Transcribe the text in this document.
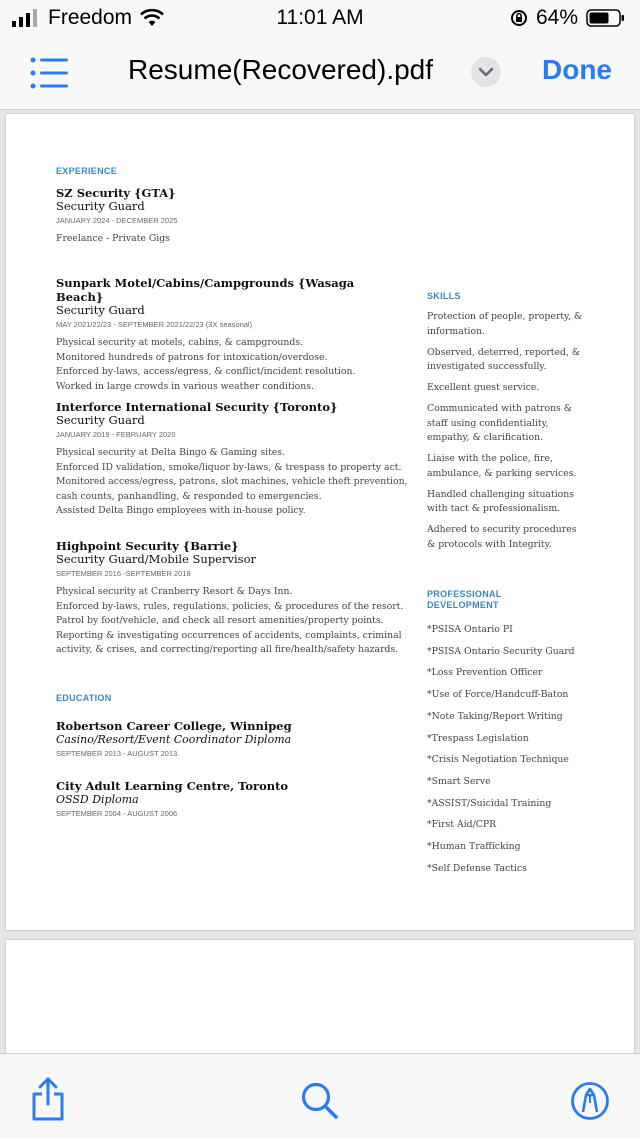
Freedom	11:01 AM	64%
Resume(Recovered).pdf	Done
EXPERIENCE
SZ Security {GTA}
Security Guard
JANUARY 2024 - DECEMBER 2025
Freelance - Private Gigs
Sunpark Motel/Cabins/Campgrounds {Wasaga Beach}
Security Guard
MAY 2021/22/23 - SEPTEMBER 2021/22/23 (3X seasonal)
Physical security at motels, cabins, & campgrounds.
Monitored hundreds of patrons for intoxication/overdose.
Enforced by-laws, access/egress, & conflict/incident resolution.
Worked in large crowds in various weather conditions.
Interforce International Security {Toronto}
Security Guard
JANUARY 2019 - FEBRUARY 2020
Physical security at Delta Bingo & Gaming sites.
Enforced ID validation, smoke/liquor by-laws, & trespass to property act.
Monitored access/egress, patrons, slot machines, vehicle theft prevention,
cash counts, panhandling, & responded to emergencies.
Assisted Delta Bingo employees with in-house policy.
Highpoint Security {Barrie}
Security Guard/Mobile Supervisor
SEPTEMBER 2016 -SEPTEMBER 2018
Physical security at Cranberry Resort & Days Inn.
Enforced by-laws, rules, regulations, policies, & procedures of the resort.
Patrol by foot/vehicle, and check all resort amenities/property points.
Reporting & investigating occurrences of accidents, complaints, criminal
activity, & crises, and correcting/reporting all fire/health/safety hazards.
EDUCATION
Robertson Career College, Winnipeg
Casino/Resort/Event Coordinator Diploma
SEPTEMBER 2013 - AUGUST 2013.
City Adult Learning Centre, Toronto
OSSD Diploma
SEPTEMBER 2004 - AUGUST 2006
SKILLS
Protection of people, property, & information.
Observed, deterred, reported, & investigated successfully.
Excellent guest service.
Communicated with patrons & staff using confidentiality, empathy, & clarification.
Liaise with the police, fire, ambulance, & parking services.
Handled challenging situations with tact & professionalism.
Adhered to security procedures & protocols with Integrity.
PROFESSIONAL
DEVELOPMENT
*PSISA Ontario PI
*PSISA Ontario Security Guard
*Loss Prevention Officer
*Use of Force/Handcuff-Baton
*Note Taking/Report Writing
*Trespass Legislation
*Crisis Negotiation Technique
*Smart Serve
*ASSIST/Suicidal Training
*First Aid/CPR
*Human Trafficking
*Self Defense Tactics
